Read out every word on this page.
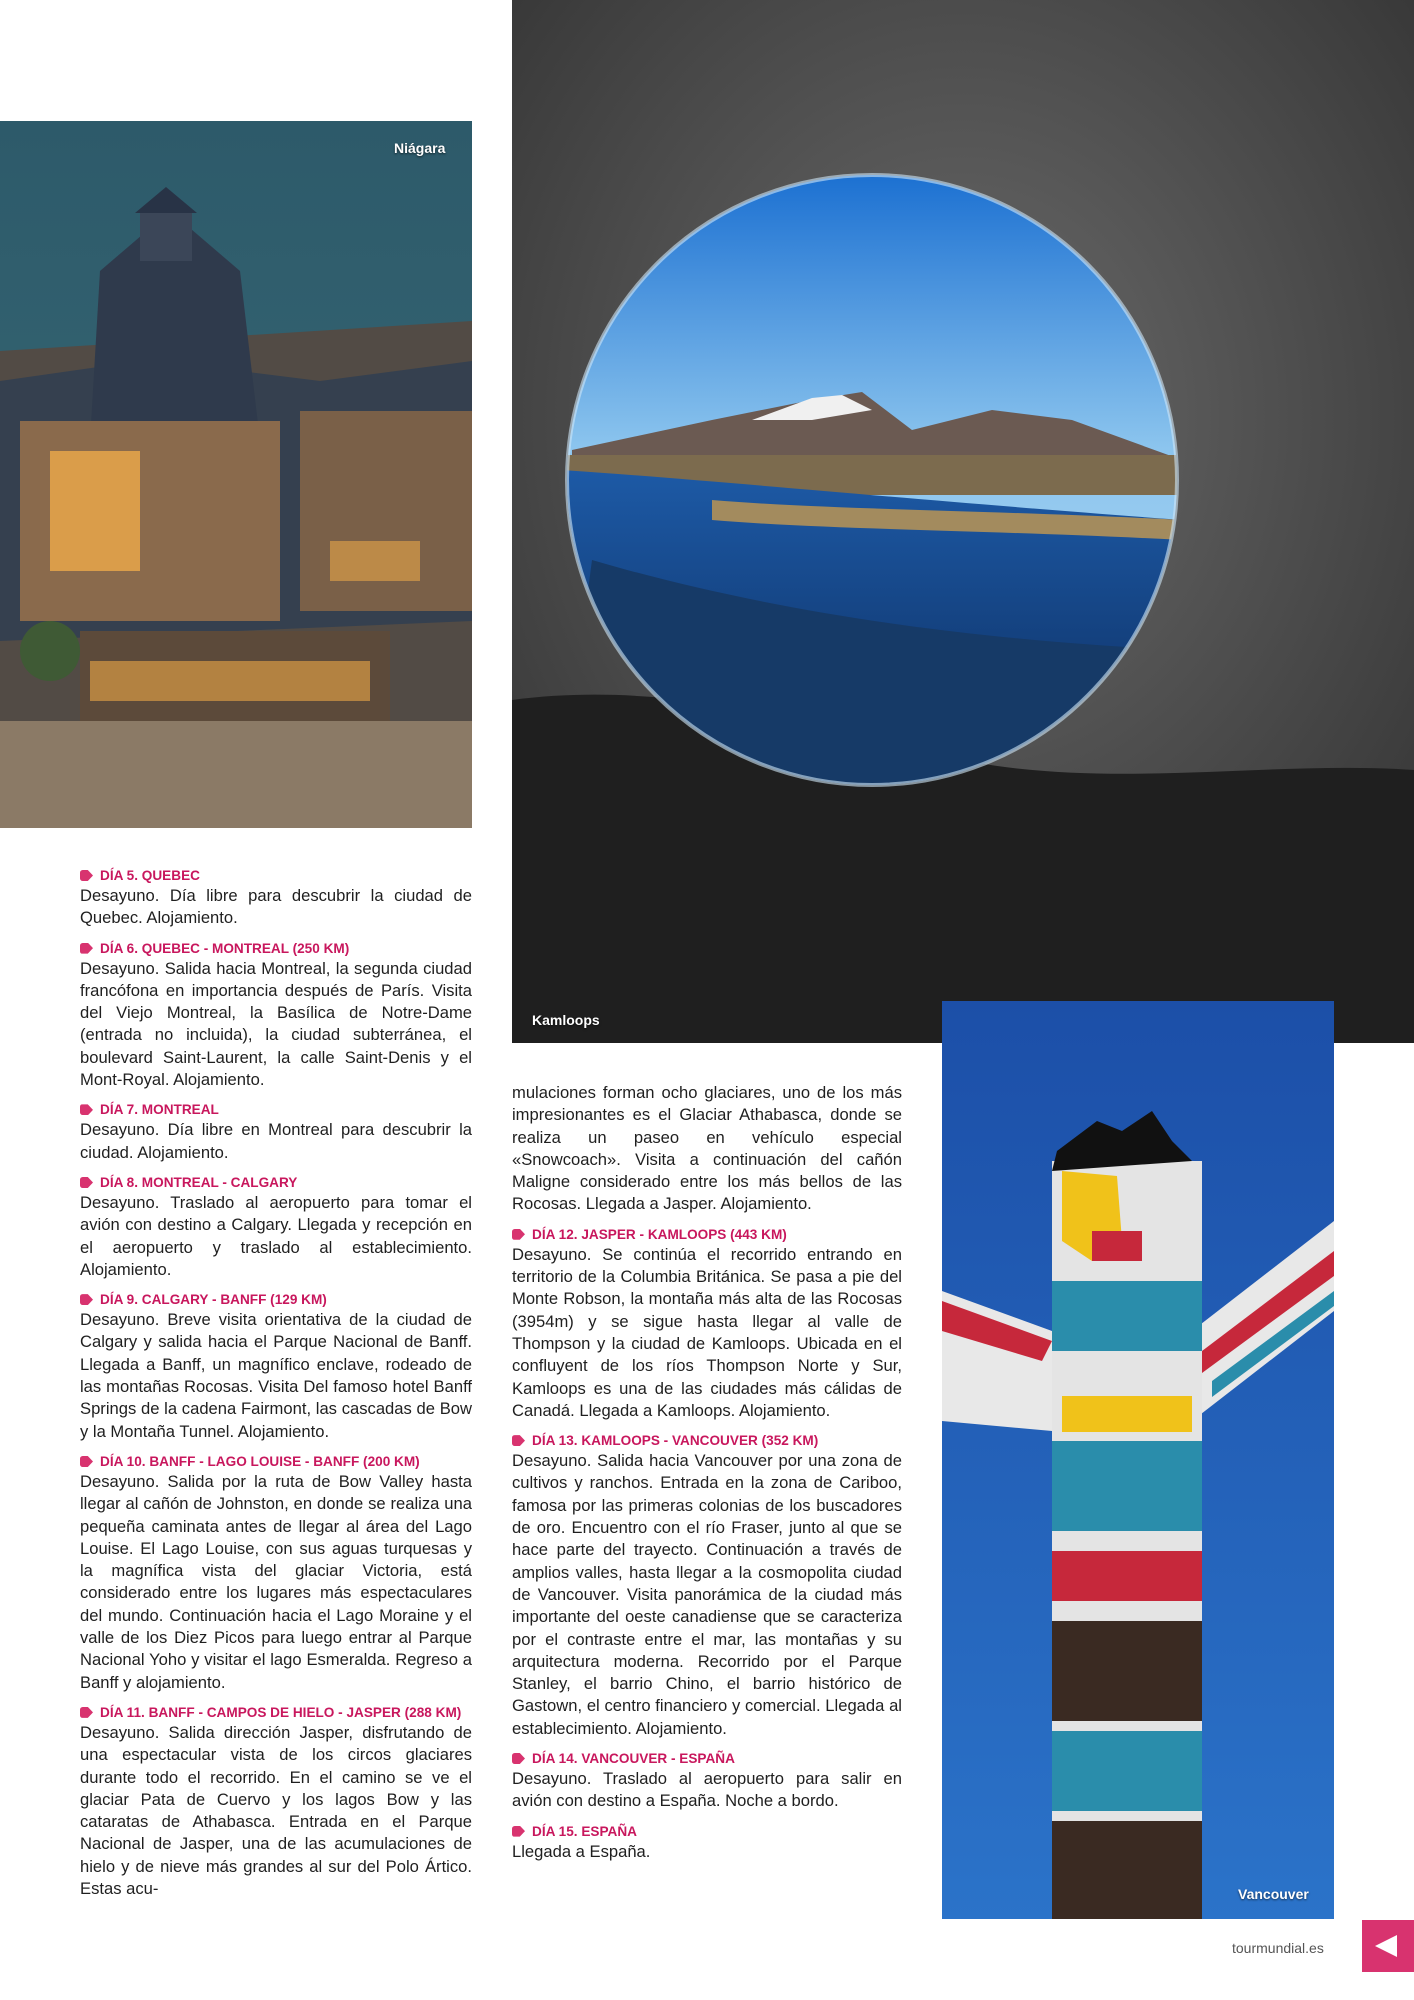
Niágara
Kamloops
Vancouver
DÍA 5. QUEBEC
Desayuno. Día libre para descubrir la ciudad de Quebec. Alojamiento.
DÍA 6. QUEBEC - MONTREAL (250 KM)
Desayuno. Salida hacia Montreal, la segunda ciudad francófona en importancia después de París. Visita del Viejo Montreal, la Basílica de Notre-Dame (entrada no incluida), la ciudad subterránea, el boulevard Saint-Laurent, la calle Saint-Denis y el Mont-Royal. Alojamiento.
DÍA 7. MONTREAL
Desayuno. Día libre en Montreal para descubrir la ciudad. Alojamiento.
DÍA 8. MONTREAL - CALGARY
Desayuno. Traslado al aeropuerto para tomar el avión con destino a Calgary. Llegada y recepción en el aeropuerto y traslado al establecimiento. Alojamiento.
DÍA 9. CALGARY - BANFF (129 KM)
Desayuno. Breve visita orientativa de la ciudad de Calgary y salida hacia el Parque Nacional de Banff. Llegada a Banff, un magnífico enclave, rodeado de las montañas Rocosas. Visita Del famoso hotel Banff Springs de la cadena Fairmont, las cascadas de Bow y la Montaña Tunnel. Alojamiento.
DÍA 10. BANFF - LAGO LOUISE - BANFF (200 KM)
Desayuno. Salida por la ruta de Bow Valley hasta llegar al cañón de Johnston, en donde se realiza una pequeña caminata antes de llegar al área del Lago Louise. El Lago Louise, con sus aguas turquesas y la magnífica vista del glaciar Victoria, está considerado entre los lugares más espectaculares del mundo. Continuación hacia el Lago Moraine y el valle de los Diez Picos para luego entrar al Parque Nacional Yoho y visitar el lago Esmeralda. Regreso a Banff y alojamiento.
DÍA 11. BANFF - CAMPOS DE HIELO - JASPER (288 KM)
Desayuno. Salida dirección Jasper, disfrutando de una espectacular vista de los circos glaciares durante todo el recorrido. En el camino se ve el glaciar Pata de Cuervo y los lagos Bow y las cataratas de Athabasca. Entrada en el Parque Nacional de Jasper, una de las acumulaciones de hielo y de nieve más grandes al sur del Polo Ártico. Estas acu-
mulaciones forman ocho glaciares, uno de los más impresionantes es el Glaciar Athabasca, donde se realiza un paseo en vehículo especial «Snowcoach». Visita a continuación del cañón Maligne considerado entre los más bellos de las Rocosas. Llegada a Jasper. Alojamiento.
DÍA 12. JASPER - KAMLOOPS (443 KM)
Desayuno. Se continúa el recorrido entrando en territorio de la Columbia Británica. Se pasa a pie del Monte Robson, la montaña más alta de las Rocosas (3954m) y se sigue hasta llegar al valle de Thompson y la ciudad de Kamloops. Ubicada en el confluyent de los ríos Thompson Norte y Sur, Kamloops es una de las ciudades más cálidas de Canadá. Llegada a Kamloops. Alojamiento.
DÍA 13. KAMLOOPS - VANCOUVER (352 KM)
Desayuno. Salida hacia Vancouver por una zona de cultivos y ranchos. Entrada en la zona de Cariboo, famosa por las primeras colonias de los buscadores de oro. Encuentro con el río Fraser, junto al que se hace parte del trayecto. Continuación a través de amplios valles, hasta llegar a la cosmopolita ciudad de Vancouver. Visita panorámica de la ciudad más importante del oeste canadiense que se caracteriza por el contraste entre el mar, las montañas y su arquitectura moderna. Recorrido por el Parque Stanley, el barrio Chino, el barrio histórico de Gastown, el centro financiero y comercial. Llegada al establecimiento. Alojamiento.
DÍA 14. VANCOUVER - ESPAÑA
Desayuno. Traslado al aeropuerto para salir en avión con destino a España. Noche a bordo.
DÍA 15. ESPAÑA
Llegada a España.
tourmundial.es
